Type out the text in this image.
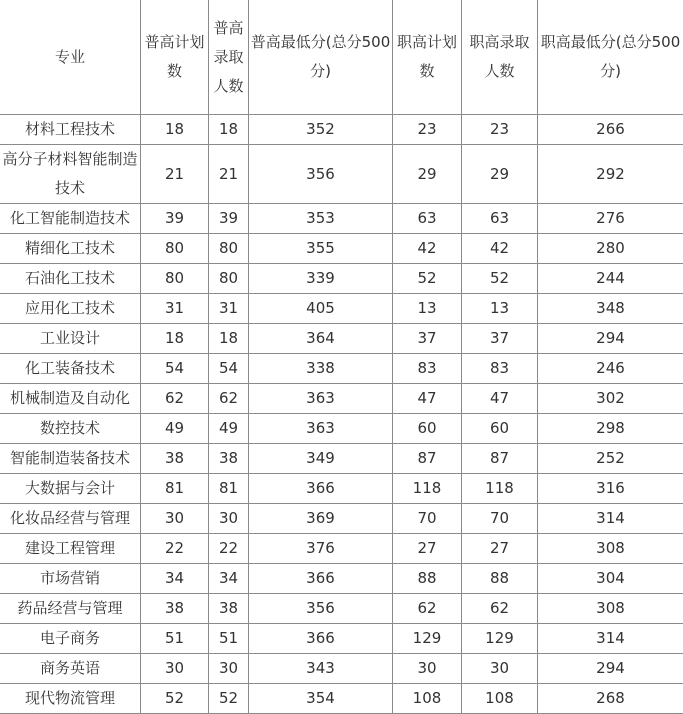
专业	普高计划数	普高录取人数	普高最低分(总分500分)	职高计划数	职高录取人数	职高最低分(总分500分)
材料工程技术	18	18	352	23	23	266
高分子材料智能制造技术	21	21	356	29	29	292
化工智能制造技术	39	39	353	63	63	276
精细化工技术	80	80	355	42	42	280
石油化工技术	80	80	339	52	52	244
应用化工技术	31	31	405	13	13	348
工业设计	18	18	364	37	37	294
化工装备技术	54	54	338	83	83	246
机械制造及自动化	62	62	363	47	47	302
数控技术	49	49	363	60	60	298
智能制造装备技术	38	38	349	87	87	252
大数据与会计	81	81	366	118	118	316
化妆品经营与管理	30	30	369	70	70	314
建设工程管理	22	22	376	27	27	308
市场营销	34	34	366	88	88	304
药品经营与管理	38	38	356	62	62	308
电子商务	51	51	366	129	129	314
商务英语	30	30	343	30	30	294
现代物流管理	52	52	354	108	108	268
